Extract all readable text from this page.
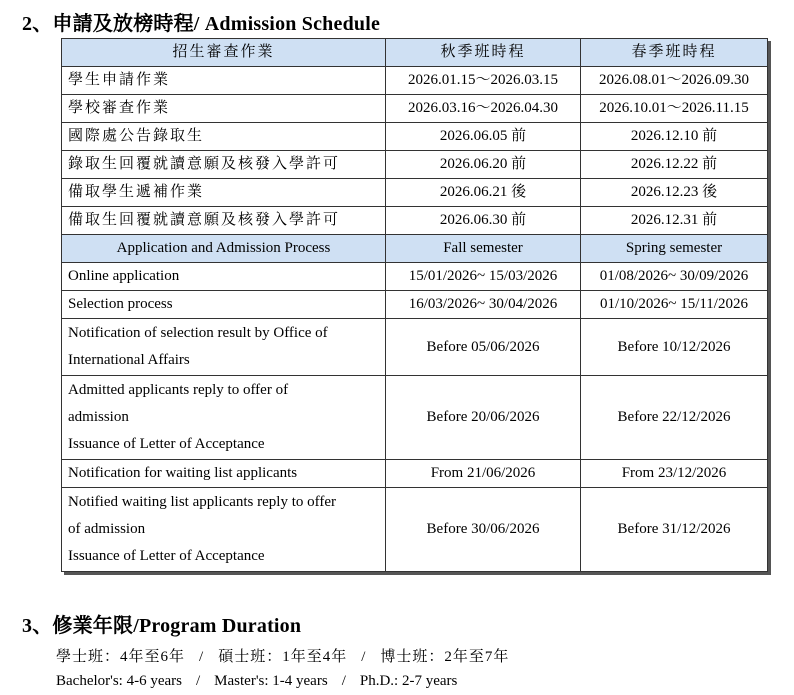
2、申請及放榜時程/ Admission Schedule
招生審查作業	秋季班時程	春季班時程
學生申請作業	2026.01.15～2026.03.15	2026.08.01～2026.09.30
學校審查作業	2026.03.16～2026.04.30	2026.10.01～2026.11.15
國際處公告錄取生	2026.06.05 前	2026.12.10 前
錄取生回覆就讀意願及核發入學許可	2026.06.20 前	2026.12.22 前
備取學生遞補作業	2026.06.21 後	2026.12.23 後
備取生回覆就讀意願及核發入學許可	2026.06.30 前	2026.12.31 前
Application and Admission Process	Fall semester	Spring semester

Online application	15/01/2026~ 15/03/2026	01/08/2026~ 30/09/2026

Selection process	16/03/2026~ 30/04/2026	01/10/2026~ 15/11/2026

Notification of selection result by Office of
International Affairs	Before 05/06/2026	Before 10/12/2026

Admitted applicants reply to offer of
admission
Issuance of Letter of Acceptance	Before 20/06/2026	Before 22/12/2026

Notification for waiting list applicants	From 21/06/2026	From 23/12/2026

Notified waiting list applicants reply to offer
of admission
Issuance of Letter of Acceptance	Before 30/06/2026	Before 31/12/2026
3、修業年限/Program Duration
學士班：4年至6年 / 碩士班：1年至4年 / 博士班：2年至7年
Bachelor's: 4-6 years / Master's: 1-4 years / Ph.D.: 2-7 years
